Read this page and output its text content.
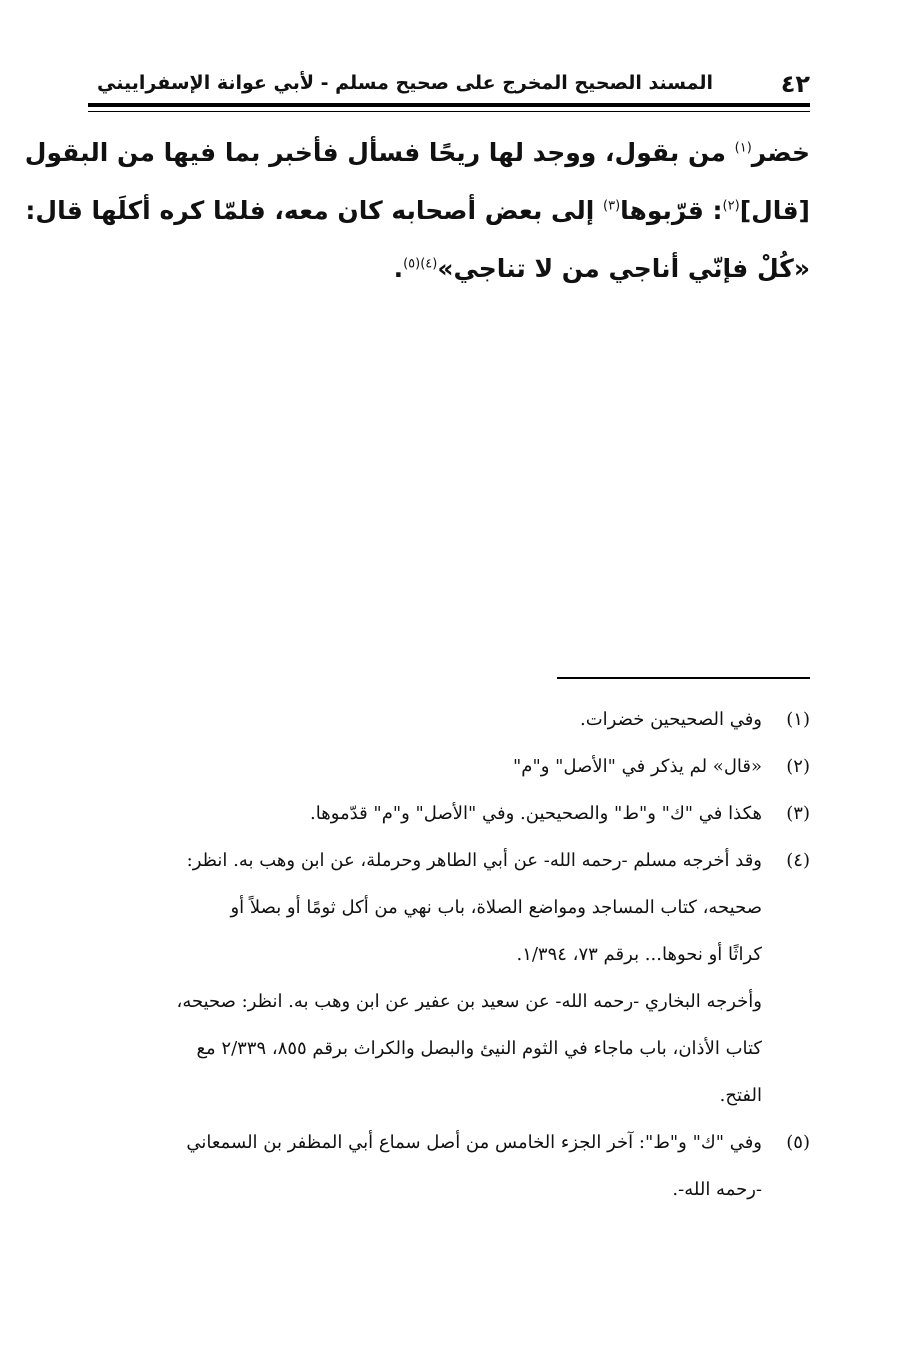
٤٢
المسند الصحيح المخرج على صحيح مسلم - لأبي عوانة الإسفراييني
خضر$^{(١)}$ من بقول، ووجد لها ريحًا فسأل فأخبر بما فيها من البقول
[قال]$^{(٢)}$: قرّبوها$^{(٣)}$ إلى بعض أصحابه كان معه، فلمّا كره أكلَها قال:
«كُلْ فإنّي أناجي من لا تناجي»$^{(٤)(٥)}$.
(١)
وفي الصحيحين خضرات.
(٢)
«قال» لم يذكر في "الأصل" و"م"
(٣)
هكذا في "ك" و"ط" والصحيحين. وفي "الأصل" و"م" قدّموها.
(٤)
وقد أخرجه مسلم -رحمه الله- عن أبي الطاهر وحرملة، عن ابن وهب به. انظر:
صحيحه، كتاب المساجد ومواضع الصلاة، باب نهي من أكل ثومًا أو بصلاً أو
كراثًا أو نحوها... برقم ٧٣، ١/٣٩٤.
وأخرجه البخاري -رحمه الله- عن سعيد بن عفير عن ابن وهب به. انظر: صحيحه،
كتاب الأذان، باب ماجاء في الثوم النيئ والبصل والكراث برقم ٨٥٥، ٢/٣٣٩ مع
الفتح.
(٥)
وفي "ك" و"ط": آخر الجزء الخامس من أصل سماع أبي المظفر بن السمعاني
-رحمه الله-.
